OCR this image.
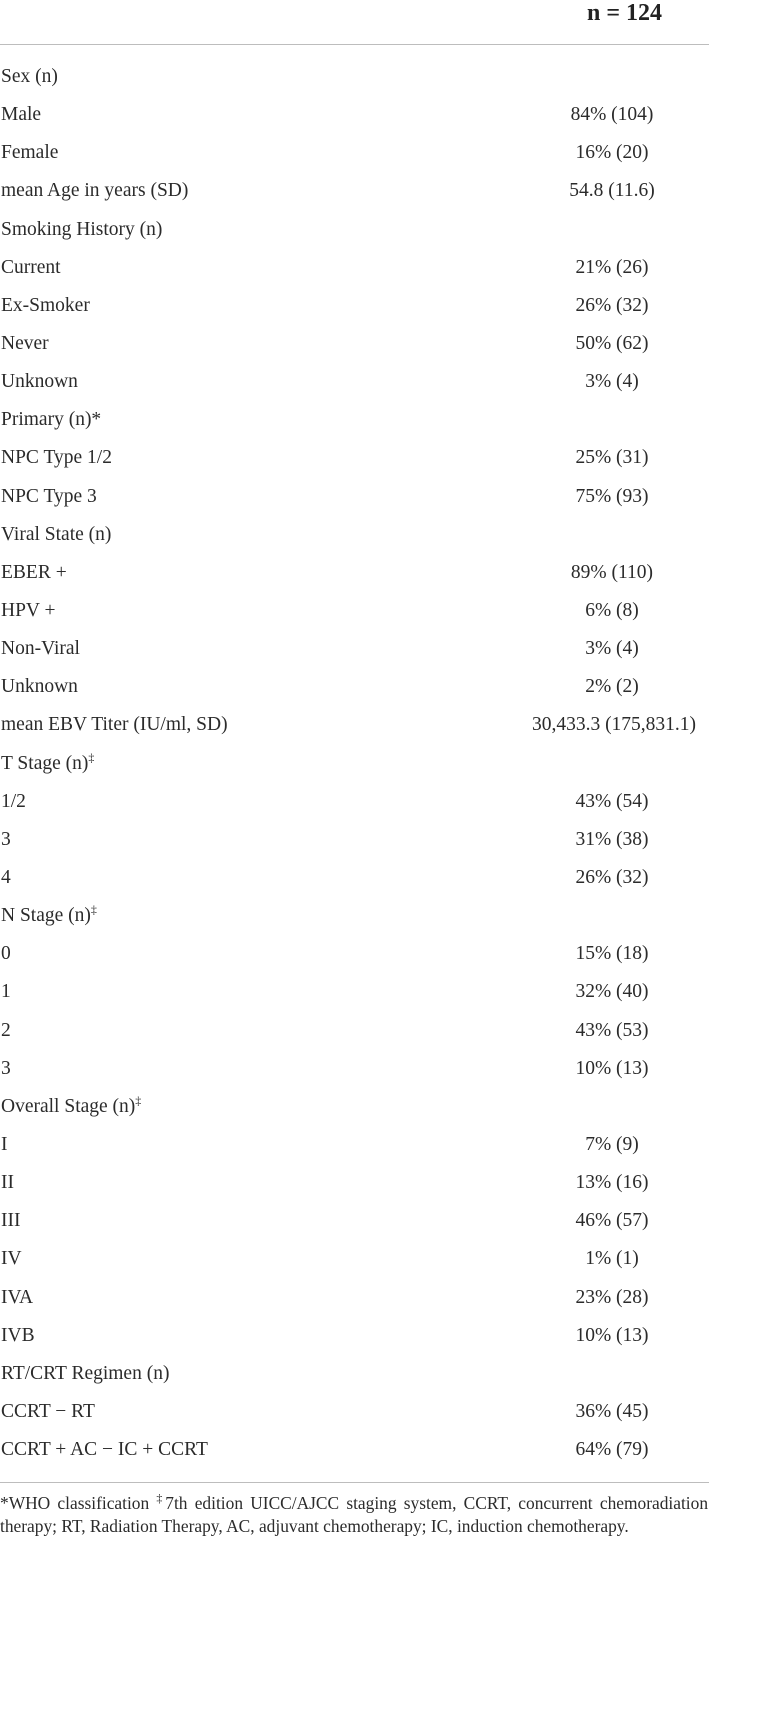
n = 124
Sex (n)
Male	84% (104)
Female	16% (20)
mean Age in years (SD)	54.8 (11.6)
Smoking History (n)
Current	21% (26)
Ex-Smoker	26% (32)
Never	50% (62)
Unknown	3% (4)
Primary (n)*
NPC Type 1/2	25% (31)
NPC Type 3	75% (93)
Viral State (n)
EBER +	89% (110)
HPV +	6% (8)
Non-Viral	3% (4)
Unknown	2% (2)
mean EBV Titer (IU/ml, SD)	30,433.3 (175,831.1)
T Stage (n)‡
1/2	43% (54)
3	31% (38)
4	26% (32)
N Stage (n)‡
0	15% (18)
1	32% (40)
2	43% (53)
3	10% (13)
Overall Stage (n)‡
I	7% (9)
II	13% (16)
III	46% (57)
IV	1% (1)
IVA	23% (28)
IVB	10% (13)
RT/CRT Regimen (n)
CCRT − RT	36% (45)
CCRT + AC − IC + CCRT	64% (79)
*WHO classification ‡7th edition UICC/AJCC staging system, CCRT, concurrent chemoradiation therapy; RT, Radiation Therapy, AC, adjuvant chemotherapy; IC, induction chemotherapy.
